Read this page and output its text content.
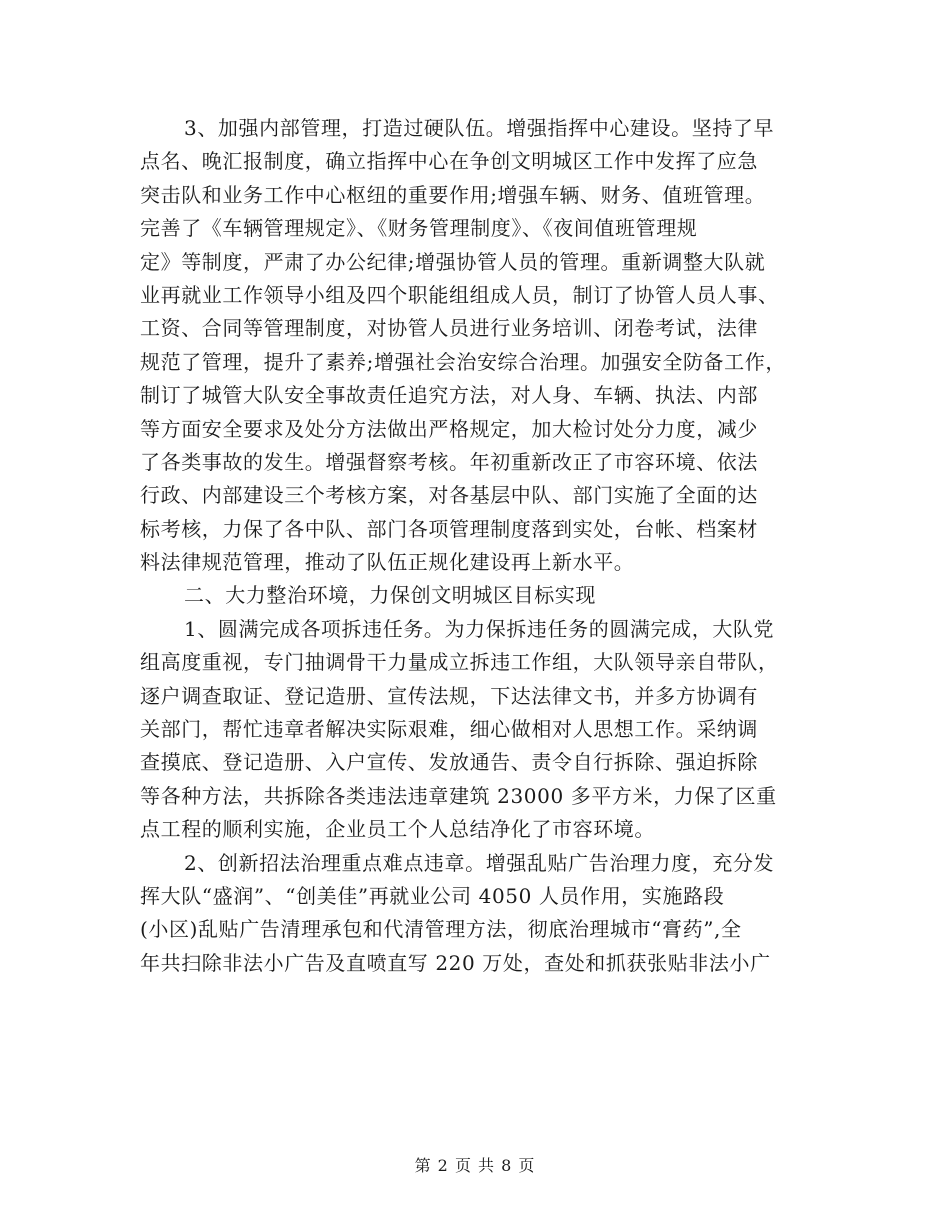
3、加强内部管理，打造过硬队伍。增强指挥中心建设。坚持了早
点名、晚汇报制度，确立指挥中心在争创文明城区工作中发挥了应急
突击队和业务工作中心枢纽的重要作用;增强车辆、财务、值班管理。
完善了《车辆管理规定》、《财务管理制度》、《夜间值班管理规
定》等制度，严肃了办公纪律;增强协管人员的管理。重新调整大队就
业再就业工作领导小组及四个职能组组成人员，制订了协管人员人事、
工资、合同等管理制度，对协管人员进行业务培训、闭卷考试，法律
规范了管理，提升了素养;增强社会治安综合治理。加强安全防备工作，
制订了城管大队安全事故责任追究方法，对人身、车辆、执法、内部
等方面安全要求及处分方法做出严格规定，加大检讨处分力度，减少
了各类事故的发生。增强督察考核。年初重新改正了市容环境、依法
行政、内部建设三个考核方案，对各基层中队、部门实施了全面的达
标考核，力保了各中队、部门各项管理制度落到实处，台帐、档案材
料法律规范管理，推动了队伍正规化建设再上新水平。
二、大力整治环境，力保创文明城区目标实现
1、圆满完成各项拆违任务。为力保拆违任务的圆满完成，大队党
组高度重视，专门抽调骨干力量成立拆违工作组，大队领导亲自带队，
逐户调查取证、登记造册、宣传法规，下达法律文书，并多方协调有
关部门，帮忙违章者解决实际艰难，细心做相对人思想工作。采纳调
查摸底、登记造册、入户宣传、发放通告、责令自行拆除、强迫拆除
等各种方法，共拆除各类违法违章建筑 23000 多平方米，力保了区重
点工程的顺利实施，企业员工个人总结净化了市容环境。
2、创新招法治理重点难点违章。增强乱贴广告治理力度，充分发
挥大队“盛润”、“创美佳”再就业公司 4050 人员作用，实施路段
(小区)乱贴广告清理承包和代清管理方法，彻底治理城市“膏药”,全
年共扫除非法小广告及直喷直写 220 万处，查处和抓获张贴非法小广
第 2 页 共 8 页
